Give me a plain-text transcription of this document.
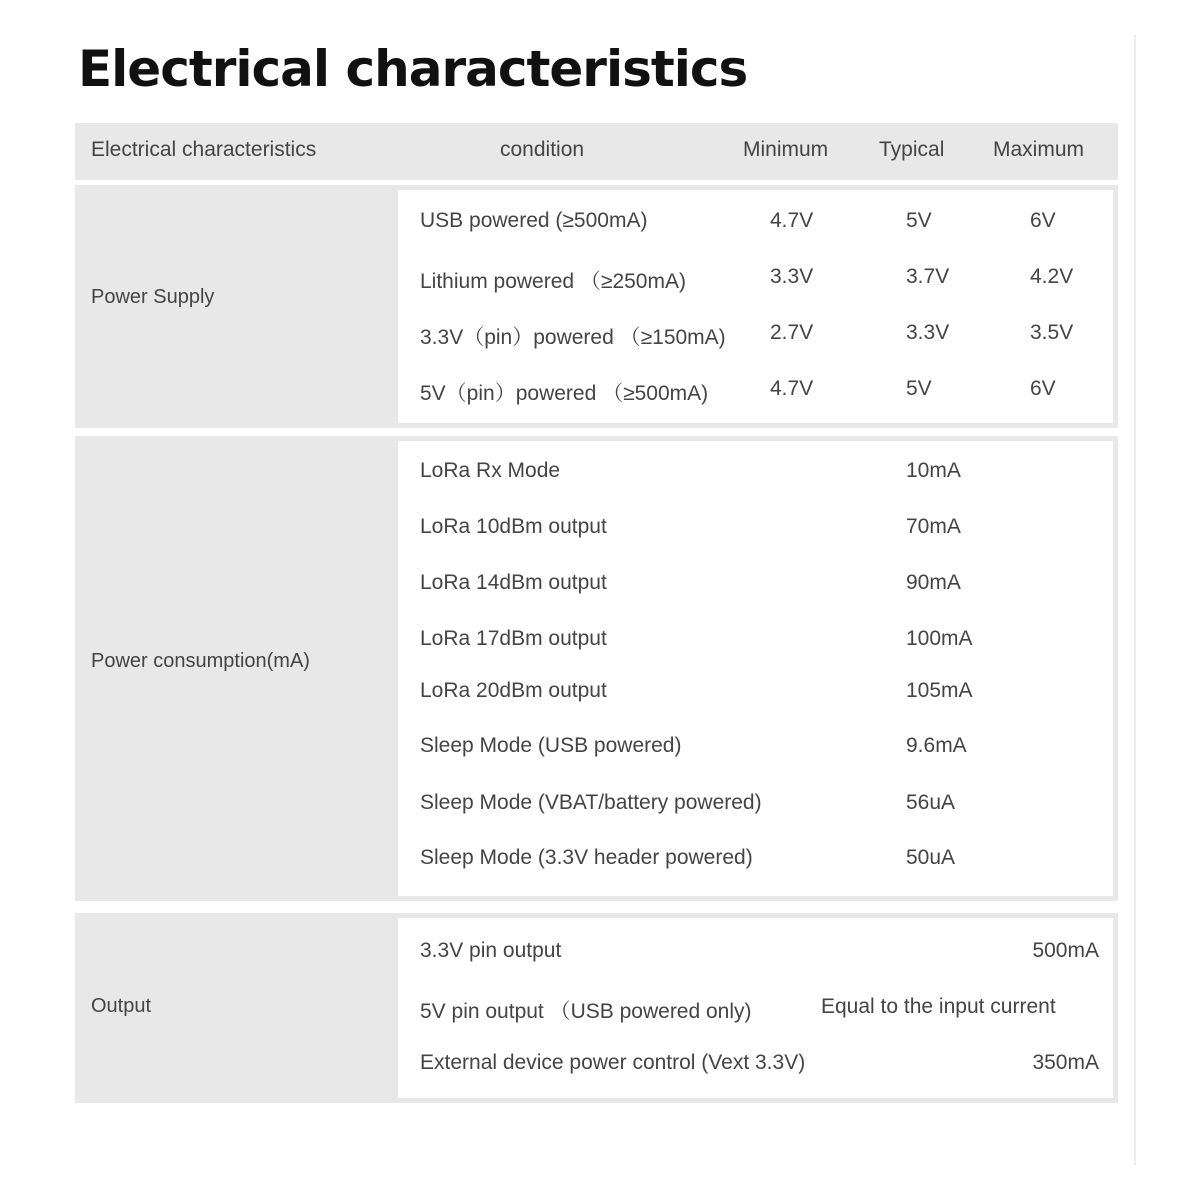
Electrical characteristics
Electrical characteristics	condition	Minimum Typical Maximum
Power Supply
USB powered (≥500mA)	4.7V	5V	6V
Lithium powered （≥250mA)	3.3V	3.7V	4.2V
3.3V（pin）powered （≥150mA) 2.7V	3.3V	3.5V
5V（pin）powered （≥500mA)	4.7V	5V	6V
Power consumption(mA)
LoRa Rx Mode	10mA
LoRa 10dBm output	70mA
LoRa 14dBm output	90mA
LoRa 17dBm output	100mA
LoRa 20dBm output	105mA
Sleep Mode (USB powered)	9.6mA
Sleep Mode (VBAT/battery powered)	56uA
Sleep Mode (3.3V header powered)	50uA
Output
3.3V pin output	500mA
5V pin output （USB powered only)	Equal to the input current
External device power control (Vext 3.3V)	350mA
